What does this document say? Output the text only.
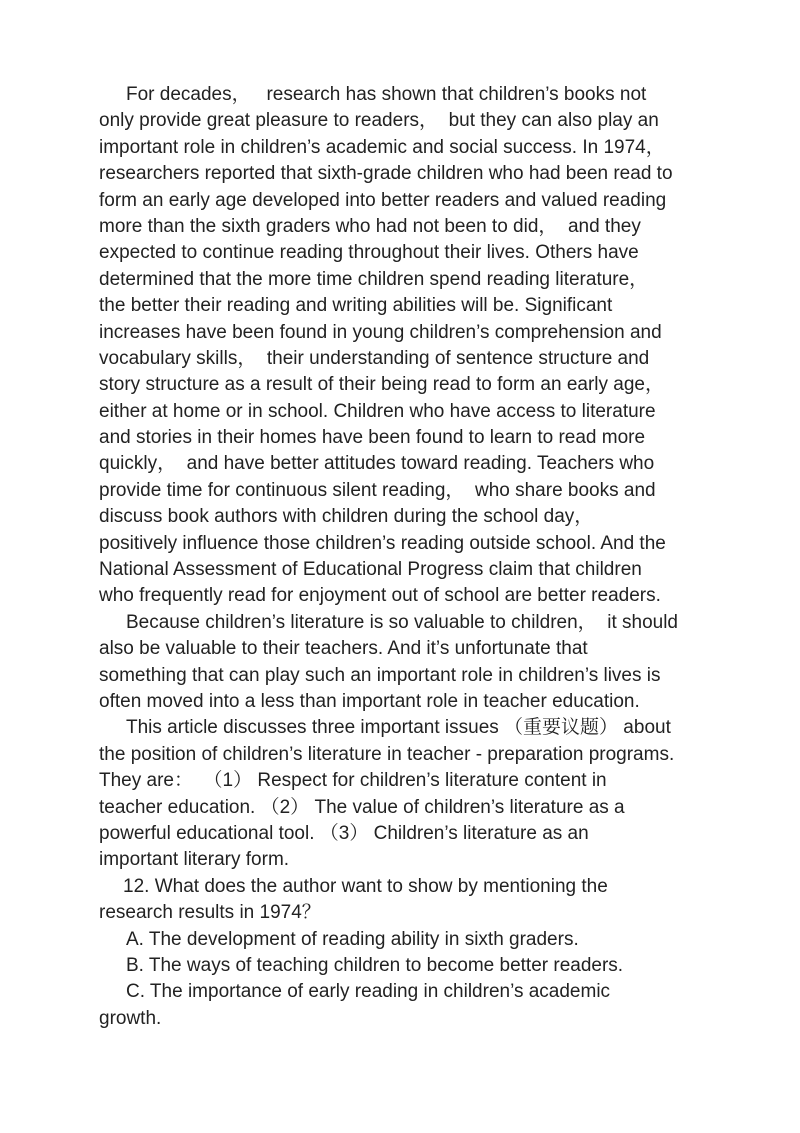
For decades，   research has shown that children’s books not
only provide great pleasure to readers，  but they can also play an
important role in children’s academic and social success. In 1974，
researchers reported that sixth-grade children who had been read to
form an early age developed into better readers and valued reading
more than the sixth graders who had not been to did，  and they
expected to continue reading throughout their lives. Others have
determined that the more time children spend reading literature，
the better their reading and writing abilities will be. Significant
increases have been found in young children’s comprehension and
vocabulary skills，  their understanding of sentence structure and
story structure as a result of their being read to form an early age，
either at home or in school. Children who have access to literature
and stories in their homes have been found to learn to read more
quickly，  and have better attitudes toward reading. Teachers who
provide time for continuous silent reading，  who share books and
discuss book authors with children during the school day，
positively influence those children’s reading outside school. And the
National Assessment of Educational Progress claim that children
who frequently read for enjoyment out of school are better readers.
Because children’s literature is so valuable to children，  it should
also be valuable to their teachers. And it’s unfortunate that
something that can play such an important role in children’s lives is
often moved into a less than important role in teacher education.
This article discusses three important issues （重要议题） about
the position of children’s literature in teacher - preparation programs.
They are：  （1） Respect for children’s literature content in
teacher education. （2） The value of children’s literature as a
powerful educational tool. （3） Children’s literature as an
important literary form.
12. What does the author want to show by mentioning the
research results in 1974？
A. The development of reading ability in sixth graders.
B. The ways of teaching children to become better readers.
C. The importance of early reading in children’s academic
growth.
